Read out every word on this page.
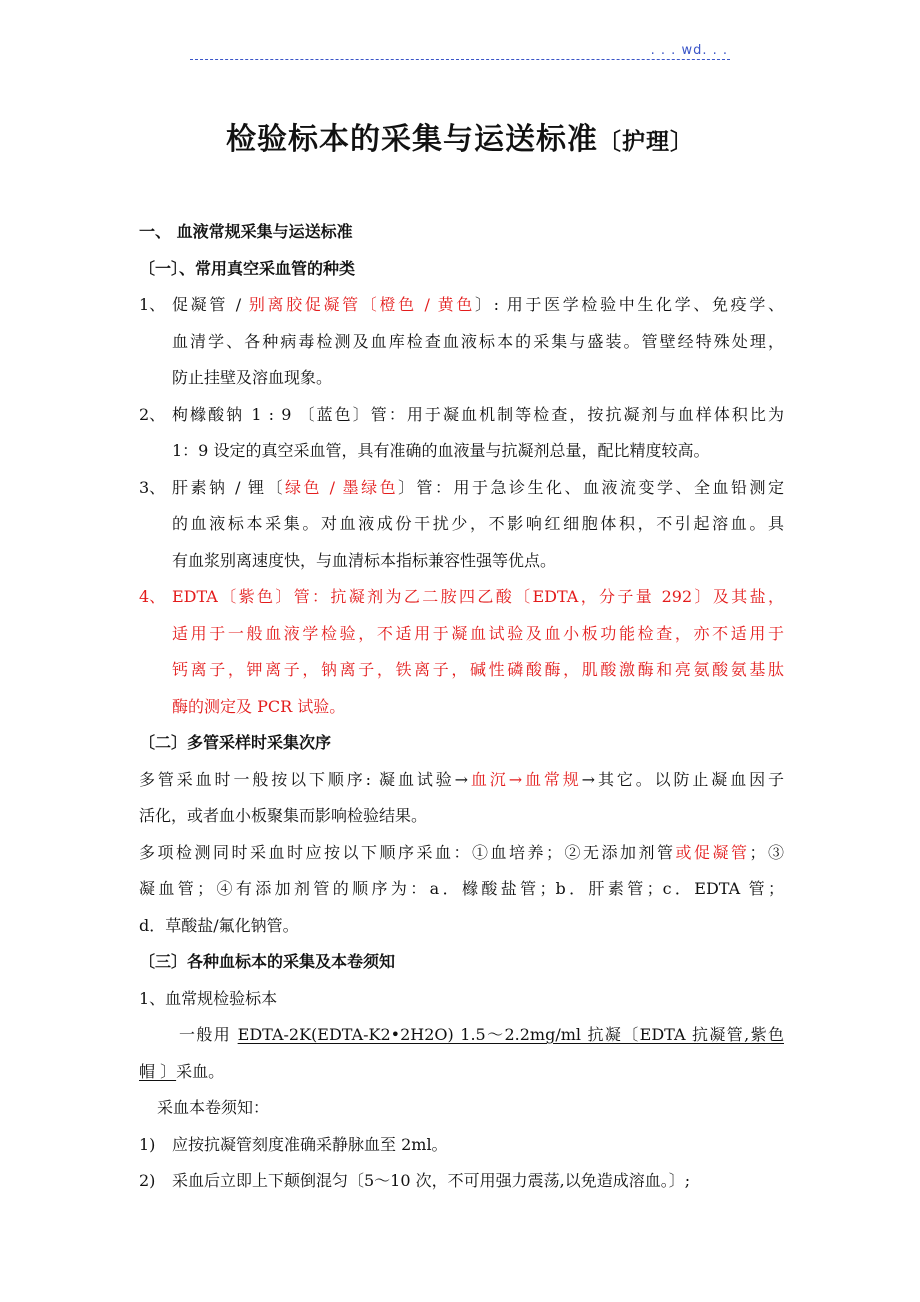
. . . wd. . .
检验标本的采集与运送标准〔护理〕
一、 血液常规采集与运送标准
〔一〕、常用真空采血管的种类
1、 促凝管 / 别离胶促凝管〔橙色 / 黄色〕: 用于医学检验中生化学、免疫学、
血清学、各种病毒检测及血库检查血液标本的采集与盛装。管壁经特殊处理，
防止挂壁及溶血现象。
2、 枸橼酸钠 1 : 9 〔蓝色〕管：用于凝血机制等检查，按抗凝剂与血样体积比为
1：9 设定的真空采血管，具有准确的血液量与抗凝剂总量，配比精度较高。
3、 肝素钠 / 锂〔绿色 / 墨绿色〕管：用于急诊生化、血液流变学、全血铅测定
的血液标本采集。对血液成份干扰少，不影响红细胞体积，不引起溶血。具
有血浆别离速度快，与血清标本指标兼容性强等优点。
4、 EDTA〔紫色〕管：抗凝剂为乙二胺四乙酸〔EDTA，分子量 292〕及其盐，
适用于一般血液学检验，不适用于凝血试验及血小板功能检查，亦不适用于
钙离子，钾离子，钠离子，铁离子，碱性磷酸酶，肌酸激酶和亮氨酸氨基肽
酶的测定及 PCR 试验。
〔二〕多管采样时采集次序
多管采血时一般按以下顺序: 凝血试验→血沉→血常规→其它。以防止凝血因子
活化，或者血小板聚集而影响检验结果。
多项检测同时采血时应按以下顺序采血：①血培养；②无添加剂管或促凝管；③
凝血管；④有添加剂管的顺序为：a．橼酸盐管；b．肝素管；c．EDTA 管；
d．草酸盐/氟化钠管。
〔三〕各种血标本的采集及本卷须知
1、血常规检验标本
一般用 EDTA-2K(EDTA-K2•2H2O) 1.5～2.2mg/ml 抗凝〔EDTA 抗凝管,紫色
帽 〕采血。
采血本卷须知：
1) 应按抗凝管刻度准确采静脉血至 2ml。
2) 采血后立即上下颠倒混匀〔5～10 次，不可用强力震荡,以免造成溶血。〕;
